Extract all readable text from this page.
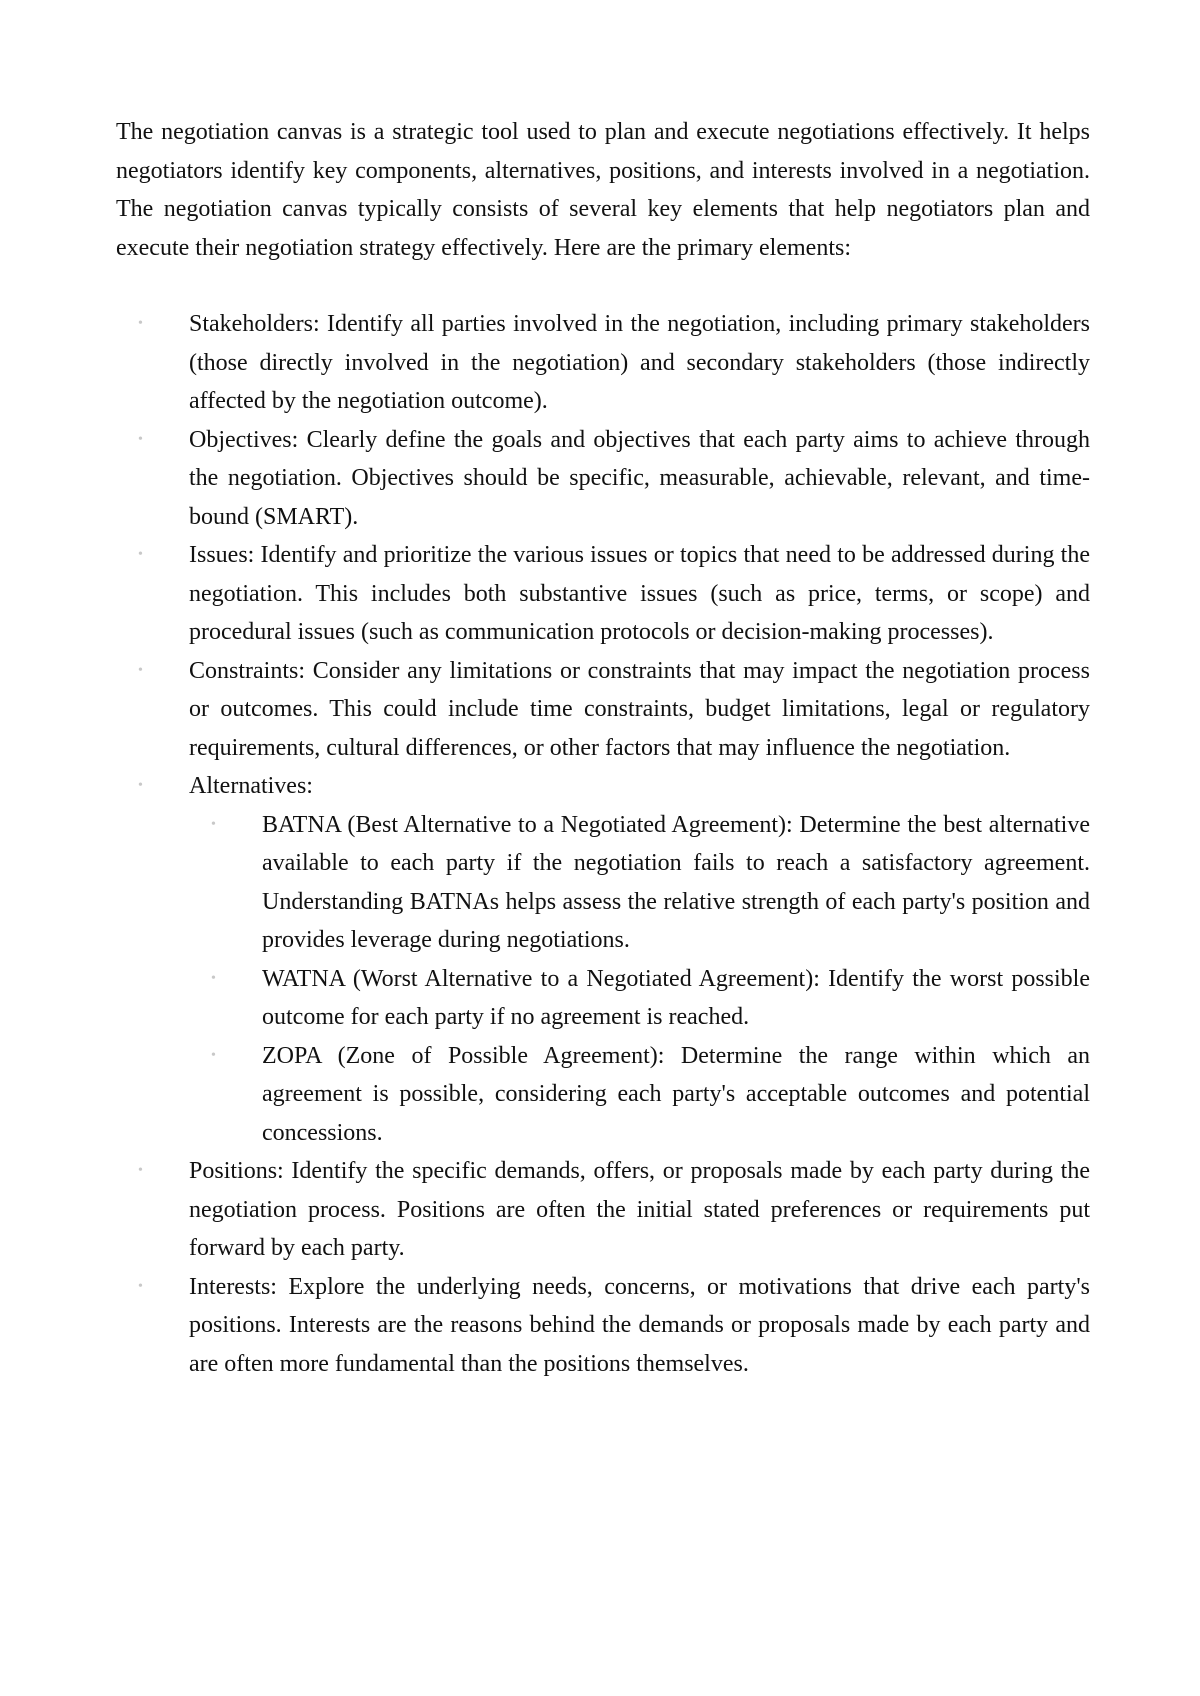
The negotiation canvas is a strategic tool used to plan and execute negotiations effectively. It helps negotiators identify key components, alternatives, positions, and interests involved in a negotiation. The negotiation canvas typically consists of several key elements that help negotiators plan and execute their negotiation strategy effectively. Here are the primary elements:

• Stakeholders: Identify all parties involved in the negotiation, including primary stakeholders (those directly involved in the negotiation) and secondary stakeholders (those indirectly affected by the negotiation outcome).
• Objectives: Clearly define the goals and objectives that each party aims to achieve through the negotiation. Objectives should be specific, measurable, achievable, relevant, and time-bound (SMART).
• Issues: Identify and prioritize the various issues or topics that need to be addressed during the negotiation. This includes both substantive issues (such as price, terms, or scope) and procedural issues (such as communication protocols or decision-making processes).
• Constraints: Consider any limitations or constraints that may impact the negotiation process or outcomes. This could include time constraints, budget limitations, legal or regulatory requirements, cultural differences, or other factors that may influence the negotiation.
• Alternatives:
• BATNA (Best Alternative to a Negotiated Agreement): Determine the best alternative available to each party if the negotiation fails to reach a satisfactory agreement. Understanding BATNAs helps assess the relative strength of each party's position and provides leverage during negotiations.
• WATNA (Worst Alternative to a Negotiated Agreement): Identify the worst possible outcome for each party if no agreement is reached.
• ZOPA (Zone of Possible Agreement): Determine the range within which an agreement is possible, considering each party's acceptable outcomes and potential concessions.
• Positions: Identify the specific demands, offers, or proposals made by each party during the negotiation process. Positions are often the initial stated preferences or requirements put forward by each party.
• Interests: Explore the underlying needs, concerns, or motivations that drive each party's positions. Interests are the reasons behind the demands or proposals made by each party and are often more fundamental than the positions themselves.
